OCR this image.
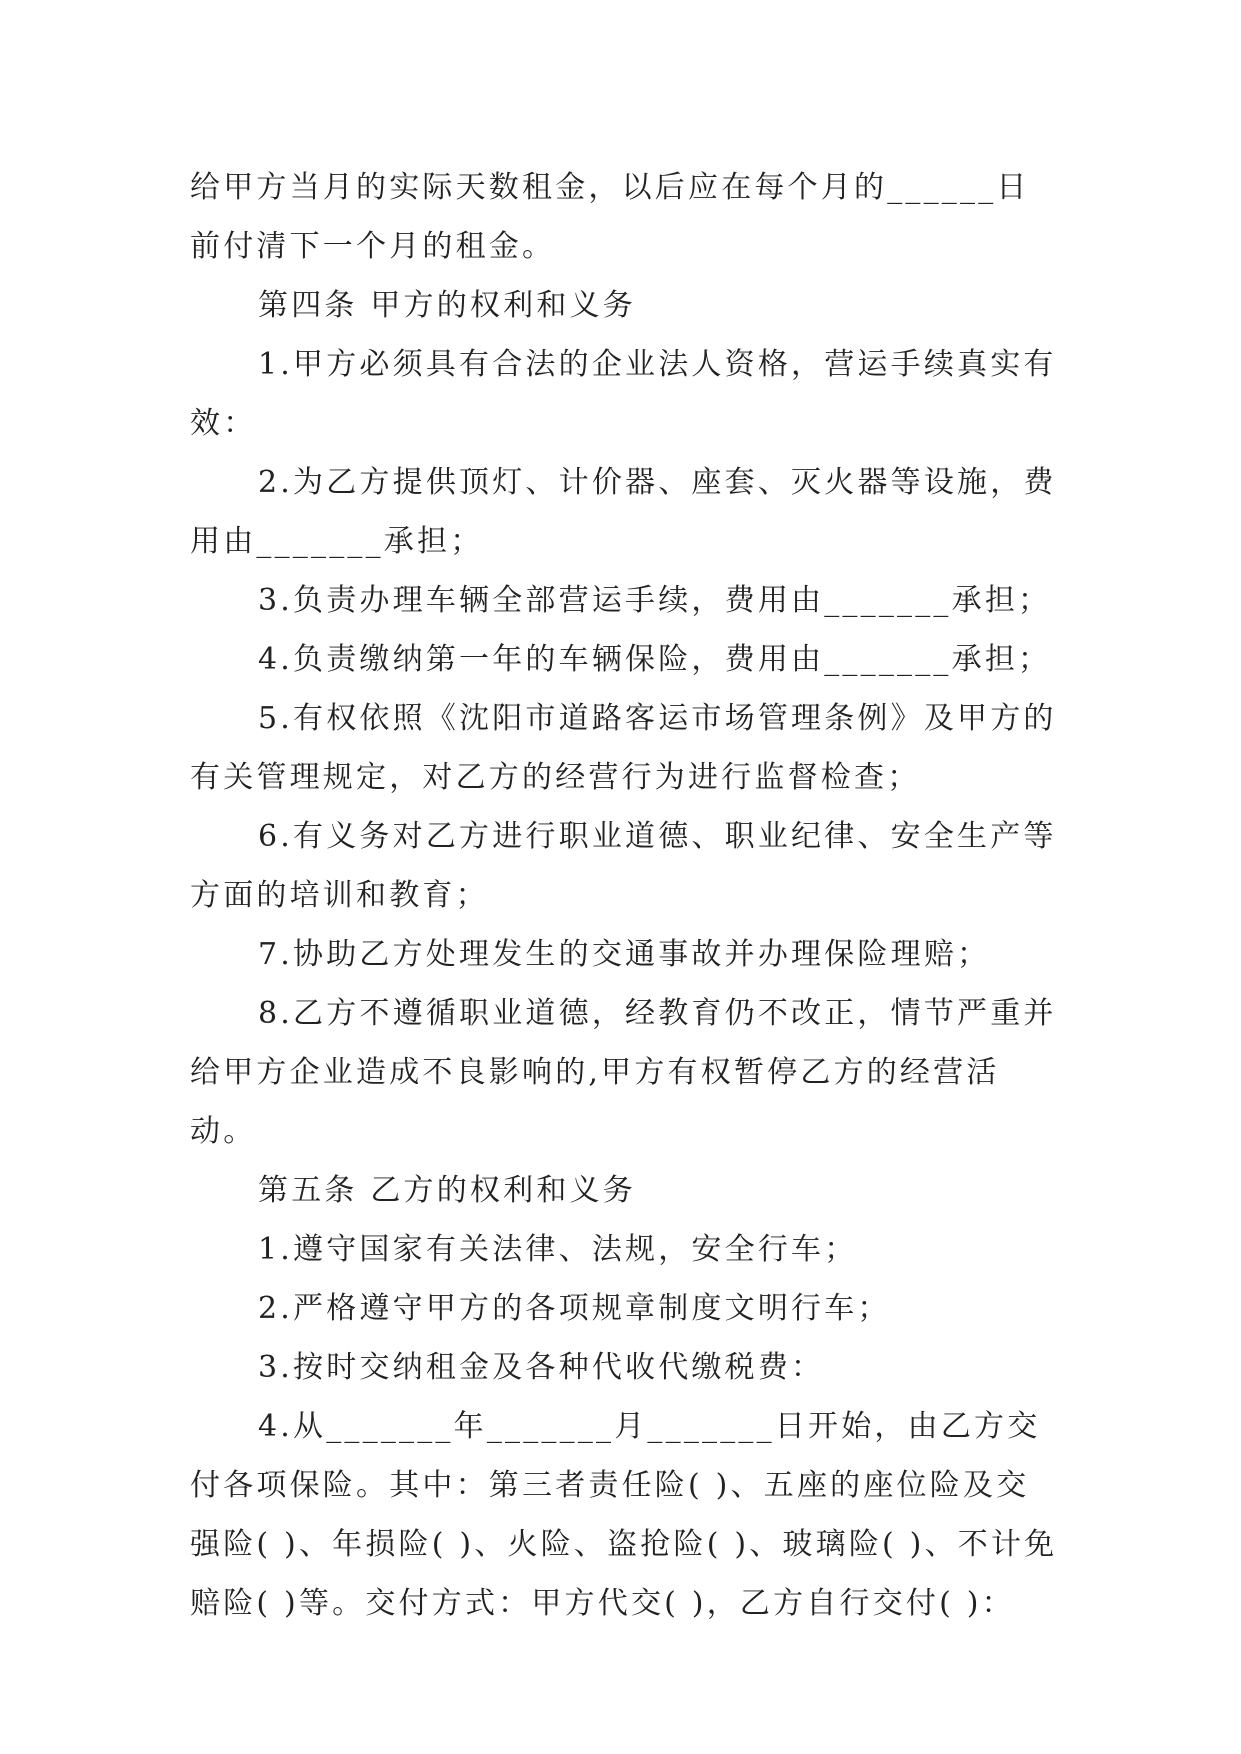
给甲方当月的实际天数租金，以后应在每个月的______日前付清下一个月的租金。

第四条 甲方的权利和义务

1.甲方必须具有合法的企业法人资格，营运手续真实有效：

2.为乙方提供顶灯、计价器、座套、灭火器等设施，费用由_______承担；

3.负责办理车辆全部营运手续，费用由_______承担；

4.负责缴纳第一年的车辆保险，费用由_______承担；

5.有权依照《沈阳市道路客运市场管理条例》及甲方的有关管理规定，对乙方的经营行为进行监督检查；

6.有义务对乙方进行职业道德、职业纪律、安全生产等方面的培训和教育；

7.协助乙方处理发生的交通事故并办理保险理赔；

8.乙方不遵循职业道德，经教育仍不改正，情节严重并给甲方企业造成不良影响的,甲方有权暂停乙方的经营活动。

第五条 乙方的权利和义务

1.遵守国家有关法律、法规，安全行车；

2.严格遵守甲方的各项规章制度文明行车；

3.按时交纳租金及各种代收代缴税费：

4.从_______年_______月_______日开始，由乙方交付各项保险。其中：第三者责任险( )、五座的座位险及交强险( )、年损险( )、火险、盗抢险( )、玻璃险( )、不计免赔险( )等。交付方式：甲方代交( )，乙方自行交付( )：
